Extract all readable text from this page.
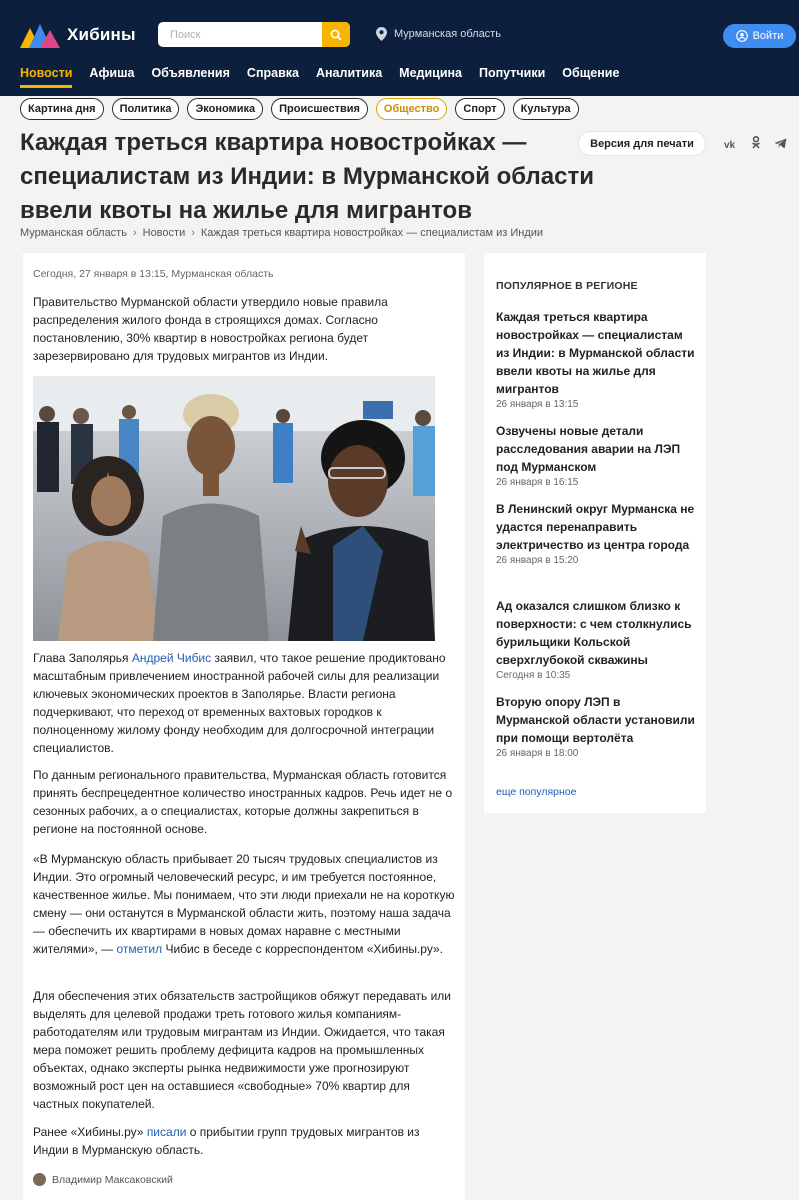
Хибины
Поиск	Мурманская область	Войти
Новости Афиша Объявления Справка Аналитика Медицина Попутчики Общение
Картина дня	Политика	Экономика	Происшествия	Общество	Спорт	Культура
Каждая треться квартира новостройках — специалистам из Индии: в Мурманской области ввели квоты на жилье для мигрантов
Версия для печати	vk
Мурманская область › Новости › Каждая треться квартира новостройках — специалистам из Индии
Сегодня, 27 января в 13:15, Мурманская область

Правительство Мурманской области утвердило новые правила распределения жилого фонда в строящихся домах. Согласно постановлению, 30% квартир в новостройках региона будет зарезервировано для трудовых мигрантов из Индии.

Глава Заполярья Андрей Чибис заявил, что такое решение продиктовано масштабным привлечением иностранной рабочей силы для реализации ключевых экономических проектов в Заполярье. Власти региона подчеркивают, что переход от временных вахтовых городков к полноценному жилому фонду необходим для долгосрочной интеграции специалистов.

По данным регионального правительства, Мурманская область готовится принять беспрецедентное количество иностранных кадров. Речь идет не о сезонных рабочих, а о специалистах, которые должны закрепиться в регионе на постоянной основе.

«В Мурманскую область прибывает 20 тысяч трудовых специалистов из Индии. Это огромный человеческий ресурс, и им требуется постоянное, качественное жилье. Мы понимаем, что эти люди приехали не на короткую смену — они останутся в Мурманской области жить, поэтому наша задача — обеспечить их квартирами в новых домах наравне с местными жителями», — отметил Чибис в беседе с корреспондентом «Хибины.ру».

Для обеспечения этих обязательств застройщиков обяжут передавать или выделять для целевой продажи треть готового жилья компаниям-работодателям или трудовым мигрантам из Индии. Ожидается, что такая мера поможет решить проблему дефицита кадров на промышленных объектах, однако эксперты рынка недвижимости уже прогнозируют возможный рост цен на оставшиеся «свободные» 70% квартир для частных покупателей.

Ранее «Хибины.ру» писали о прибытии групп трудовых мигрантов из Индии в Мурманскую область.

Владимир Максаковский
ПОПУЛЯРНОЕ В РЕГИОНЕ
Каждая треться квартира новостройках — специалистам из Индии: в Мурманской области ввели квоты на жилье для мигрантов
26 января в 13:15
Озвучены новые детали расследования аварии на ЛЭП под Мурманском
26 января в 16:15
В Ленинский округ Мурманска не удастся перенаправить электричество из центра города
26 января в 15:20
Ад оказался слишком близко к поверхности: с чем столкнулись бурильщики Кольской сверхглубокой скважины
Сегодня в 10:35
Вторую опору ЛЭП в Мурманской области установили при помощи вертолёта
26 января в 18:00
еще популярное
